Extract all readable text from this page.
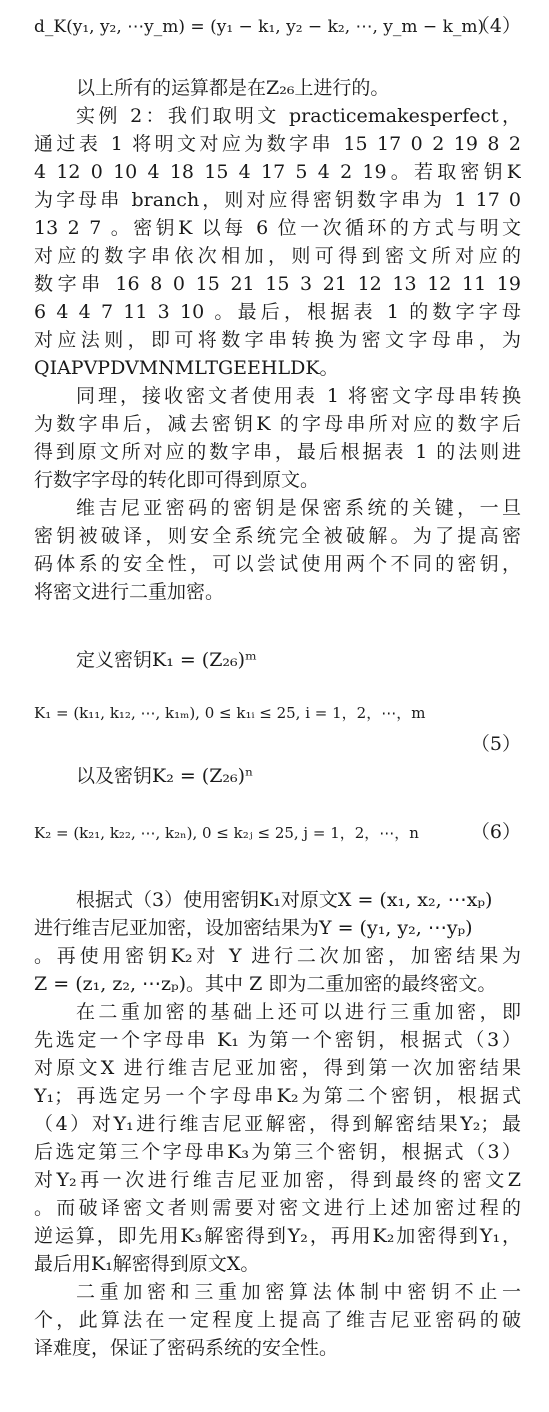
d_K(y₁, y₂, ⋯y_m) = (y₁ − k₁, y₂ − k₂, ⋯, y_m − k_m)
（4）
以上所有的运算都是在Z₂₆上进行的。
实例 2：我们取明文 practicemakesperfect，
通过表 1 将明文对应为数字串 15 17 0 2 19 8 2
4 12 0 10 4 18 15 4 17 5 4 2 19。若取密钥K
为字母串 branch，则对应得密钥数字串为 1 17 0
13 2 7 。密钥K 以每 6 位一次循环的方式与明文
对应的数字串依次相加，则可得到密文所对应的
数字串 16 8 0 15 21 15 3 21 12 13 12 11 19
6 4 4 7 11 3 10 。最后，根据表 1 的数字字母
对应法则，即可将数字串转换为密文字母串，为
QIAPVPDVMNMLTGEEHLDK。
同理，接收密文者使用表 1 将密文字母串转换
为数字串后，减去密钥K 的字母串所对应的数字后
得到原文所对应的数字串，最后根据表 1 的法则进
行数字字母的转化即可得到原文。
维吉尼亚密码的密钥是保密系统的关键，一旦
密钥被破译，则安全系统完全被破解。为了提高密
码体系的安全性，可以尝试使用两个不同的密钥，
将密文进行二重加密。
定义密钥K₁ = (Z₂₆)ᵐ
K₁ = (k₁₁, k₁₂, ⋯, k₁ₘ), 0 ≤ k₁ᵢ ≤ 25, i = 1，2，⋯，m
（5）
以及密钥K₂ = (Z₂₆)ⁿ
K₂ = (k₂₁, k₂₂, ⋯, k₂ₙ), 0 ≤ k₂ⱼ ≤ 25, j = 1，2，⋯，n	（6）
根据式（3）使用密钥K₁对原文X = (x₁, x₂, ⋯xₚ)
进行维吉尼亚加密，设加密结果为Y = (y₁, y₂, ⋯yₚ)
。再使用密钥K₂对 Y 进行二次加密，加密结果为
Z = (z₁, z₂, ⋯zₚ)。其中 Z 即为二重加密的最终密文。
在二重加密的基础上还可以进行三重加密，即
先选定一个字母串 K₁ 为第一个密钥，根据式（3）
对原文X 进行维吉尼亚加密，得到第一次加密结果
Y₁；再选定另一个字母串K₂为第二个密钥，根据式
（4）对Y₁进行维吉尼亚解密，得到解密结果Y₂；最
后选定第三个字母串K₃为第三个密钥，根据式（3）
对Y₂再一次进行维吉尼亚加密，得到最终的密文Z
。而破译密文者则需要对密文进行上述加密过程的
逆运算，即先用K₃解密得到Y₂，再用K₂加密得到Y₁，
最后用K₁解密得到原文X。
二重加密和三重加密算法体制中密钥不止一
个，此算法在一定程度上提高了维吉尼亚密码的破
译难度，保证了密码系统的安全性。
